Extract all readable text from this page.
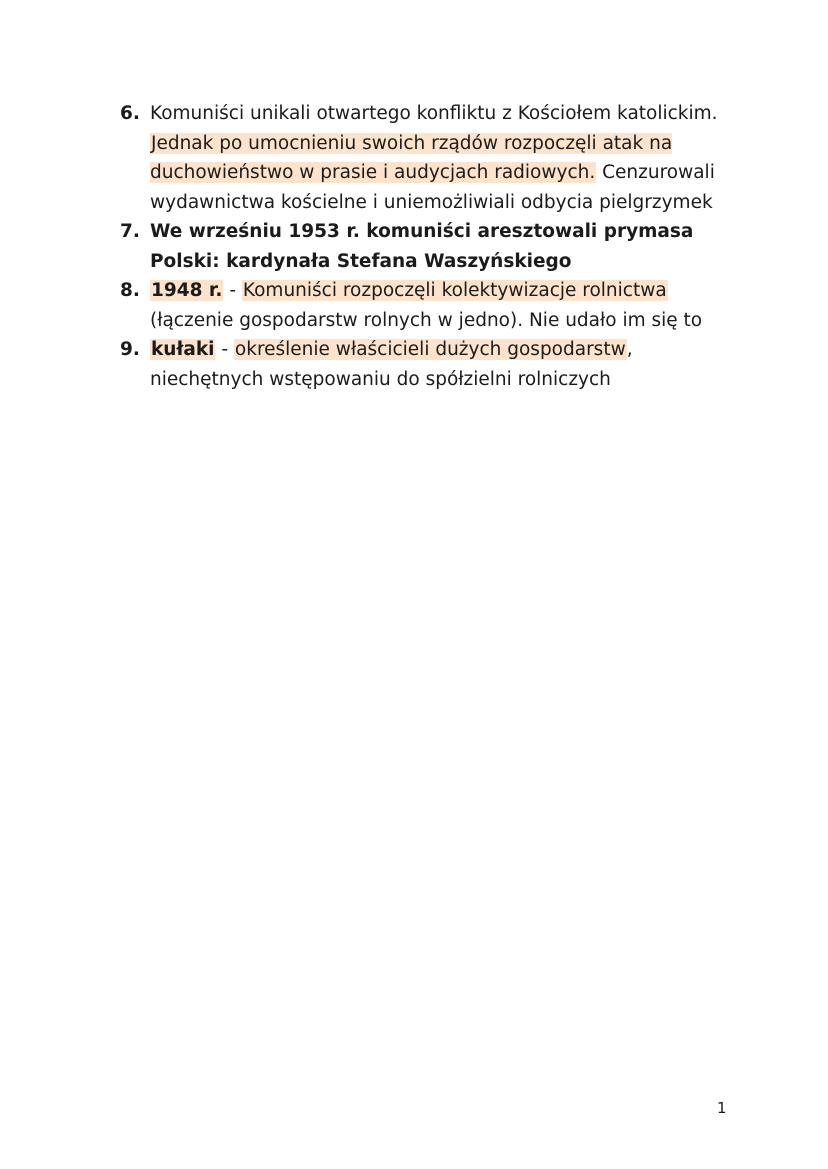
6. Komuniści unikali otwartego konfliktu z Kościołem katolickim. Jednak po umocnieniu swoich rządów rozpoczęli atak na duchowieństwo w prasie i audycjach radiowych. Cenzurowali wydawnictwa kościelne i uniemożliwiali odbycia pielgrzymek
7. We wrześniu 1953 r. komuniści aresztowali prymasa Polski: kardynała Stefana Waszyńskiego
8. 1948 r. - Komuniści rozpoczęli kolektywizacje rolnictwa (łączenie gospodarstw rolnych w jedno). Nie udało im się to
9. kułaki - określenie właścicieli dużych gospodarstw, niechętnych wstępowaniu do spółzielni rolniczych
1
